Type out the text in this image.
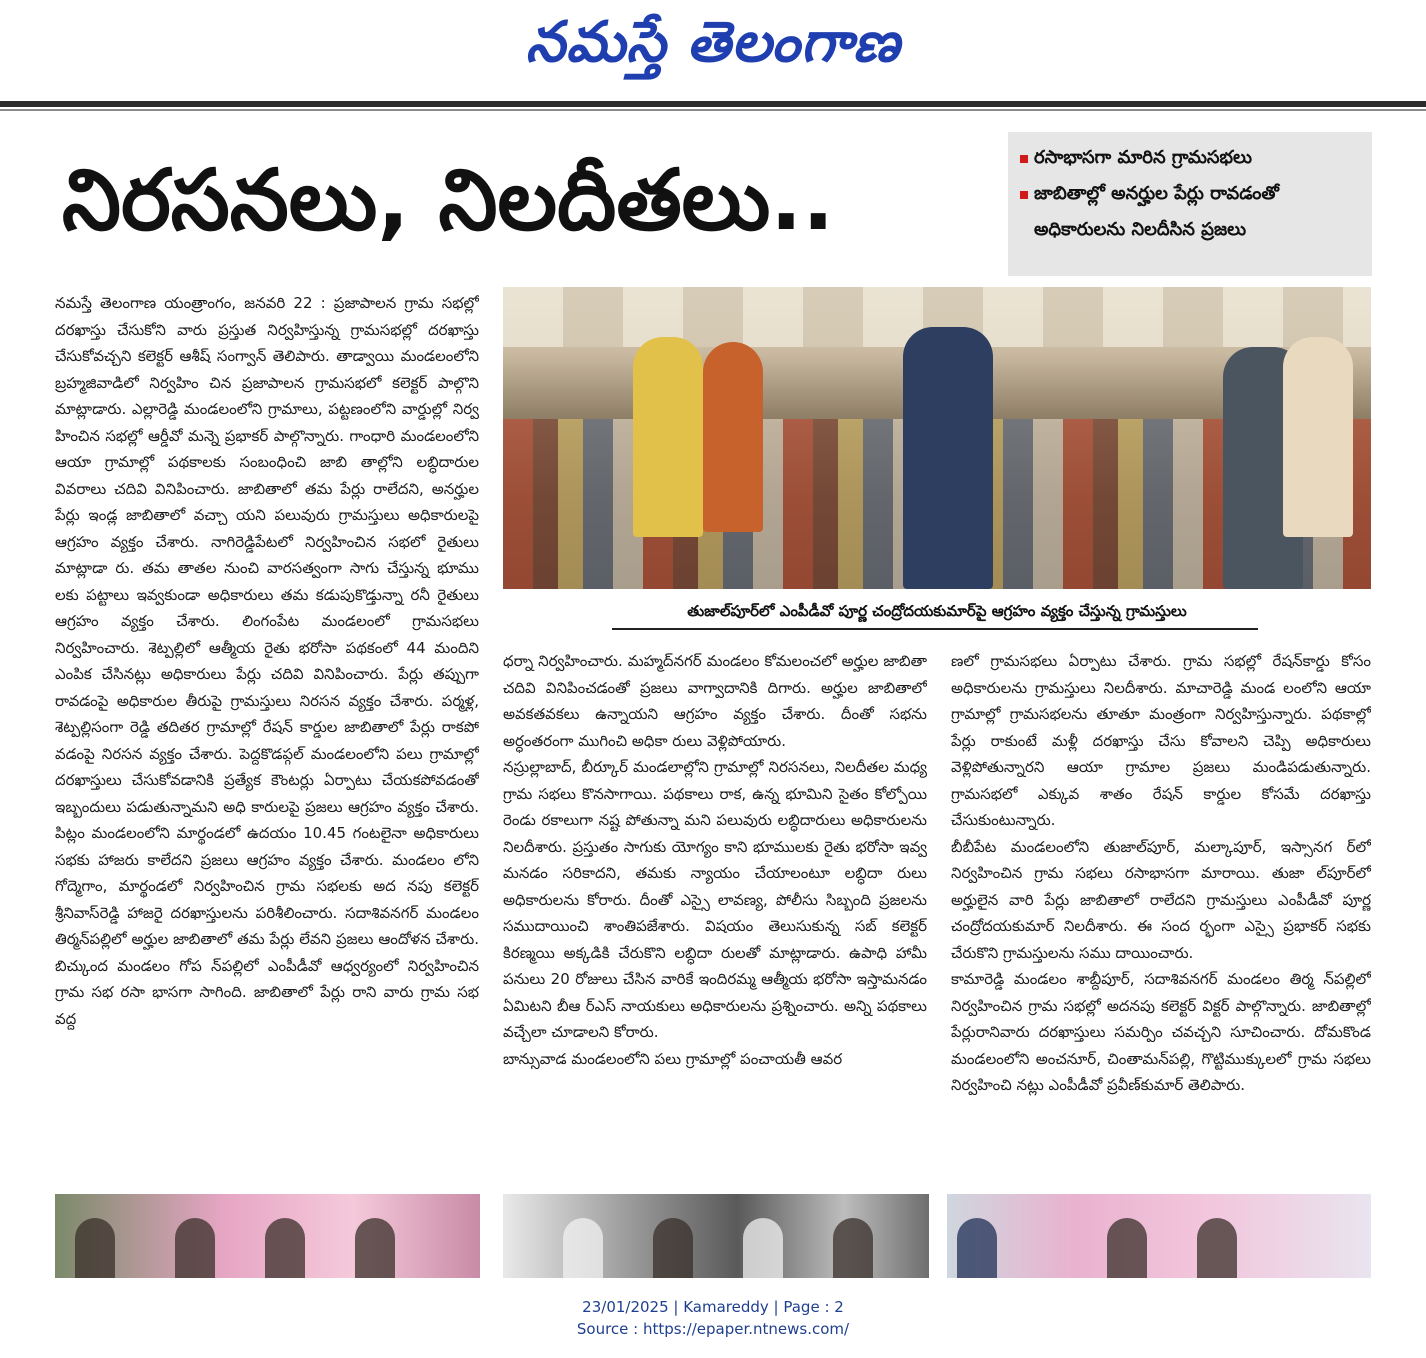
నమస్తే తెలంగాణ
నిరసనలు, నిలదీతలు..	రసాభాసగా మారిన గ్రామసభలు
జాబితాల్లో అనర్హుల పేర్లు రావడంతో అధికారులను నిలదీసిన ప్రజలు
తుజాల్‌పూర్‌లో ఎంపీడీవో పూర్ణ చంద్రోదయకుమార్‌పై ఆగ్రహం వ్యక్తం చేస్తున్న గ్రామస్తులు

నమస్తే తెలంగాణ యంత్రాంగం, జనవరి 22 : ప్రజాపాలన గ్రామ సభల్లో దరఖాస్తు చేసుకోని వారు ప్రస్తుత నిర్వహిస్తున్న గ్రామసభల్లో దరఖాస్తు చేసుకోవచ్చని కలెక్టర్ ఆశీష్ సంగ్వాన్ తెలిపారు. తాడ్వాయి మండలంలోని బ్రహ్మజివాడిలో నిర్వహిం చిన ప్రజాపాలన గ్రామసభలో కలెక్టర్ పాల్గొని మాట్లాడారు. ఎల్లారెడ్డి మండలంలోని గ్రామాలు, పట్టణంలోని వార్డుల్లో నిర్వ హించిన సభల్లో ఆర్డీవో మన్నె ప్రభాకర్ పాల్గొన్నారు. గాంధారి మండలంలోని ఆయా గ్రామాల్లో పథకాలకు సంబంధించి జాబి తాల్లోని లబ్ధిదారుల వివరాలు చదివి వినిపించారు. జాబితాలో తమ పేర్లు రాలేదని, అనర్హుల పేర్లు ఇండ్ల జాబితాలో వచ్చా యని పలువురు గ్రామస్తులు అధికారులపై ఆగ్రహం వ్యక్తం చేశారు. నాగిరెడ్డిపేటలో నిర్వహించిన సభలో రైతులు మాట్లాడా రు. తమ తాతల నుంచి వారసత్వంగా సాగు చేస్తున్న భూము లకు పట్టాలు ఇవ్వకుండా అధికారులు తమ కడుపుకొడ్తున్నా రనీ రైతులు ఆగ్రహం వ్యక్తం చేశారు. లింగంపేట మండలంలో గ్రామసభలు నిర్వహించారు. శెట్పల్లిలో ఆత్మీయ రైతు భరోసా పథకంలో 44 మందిని ఎంపిక చేసినట్లు అధికారులు పేర్లు చదివి వినిపించారు. పేర్లు తప్పుగా రావడంపై అధికారుల తీరుపై గ్రామస్తులు నిరసన వ్యక్తం చేశారు. పర్మళ్ల, శెట్పల్లిసంగా రెడ్డి తదితర గ్రామాల్లో రేషన్ కార్డుల జాబితాలో పేర్లు రాకపో వడంపై నిరసన వ్యక్తం చేశారు. పెద్దకొడప్గల్ మండలంలోని పలు గ్రామాల్లో దరఖాస్తులు చేసుకోవడానికి ప్రత్యేక కౌంటర్లు ఏర్పాటు చేయకపోవడంతో ఇబ్బందులు పడుతున్నామని అధి కారులపై ప్రజలు ఆగ్రహం వ్యక్తం చేశారు. పిట్లం మండలంలోని మార్థండలో ఉదయం 10.45 గంటలైనా అధికారులు సభకు హాజరు కాలేదని ప్రజలు ఆగ్రహం వ్యక్తం చేశారు. మండలం లోని గోద్మెగాం, మార్థండలో నిర్వహించిన గ్రామ సభలకు అద నపు కలెక్టర్ శ్రీనివాస్‌రెడ్డి హాజరై దరఖాస్తులను పరిశీలించారు. సదాశివనగర్ మండలం తిర్మన్‌పల్లిలో అర్హుల జాబితాలో తమ పేర్లు లేవని ప్రజలు ఆందోళన చేశారు. బిచ్కుంద మండలం గోప న్‌పల్లిలో ఎంపీడీవో ఆధ్వర్యంలో నిర్వహించిన గ్రామ సభ రసా భాసగా సాగింది. జాబితాలో పేర్లు రాని వారు గ్రామ సభ వద్ద

ధర్నా నిర్వహించారు. మహ్మద్‌నగర్ మండలం కోమలంచలో అర్హుల జాబితా చదివి వినిపించడంతో ప్రజలు వాగ్వాదానికి దిగారు. అర్హుల జాబితాలో అవకతవకలు ఉన్నాయని ఆగ్రహం వ్యక్తం చేశారు. దీంతో సభను అర్ధంతరంగా ముగించి అధికా రులు వెళ్లిపోయారు.

నస్రుల్లాబాద్, బీర్కూర్ మండలాల్లోని గ్రామాల్లో నిరసనలు, నిలదీతల మధ్య గ్రామ సభలు కొనసాగాయి. పథకాలు రాక, ఉన్న భూమిని సైతం కోల్పోయి రెండు రకాలుగా నష్ట పోతున్నా మని పలువురు లబ్ధిదారులు అధికారులను నిలదీశారు. ప్రస్తుతం సాగుకు యోగ్యం కాని భూములకు రైతు భరోసా ఇవ్వ మనడం సరికాదని, తమకు న్యాయం చేయాలంటూ లబ్ధిదా రులు అధికారులను కోరారు. దీంతో ఎస్సై లావణ్య, పోలీసు సిబ్బంది ప్రజలను సముదాయించి శాంతిపజేశారు. విషయం తెలుసుకున్న సబ్ కలెక్టర్ కిరణ్మయి అక్కడికి చేరుకొని లబ్ధిదా రులతో మాట్లాడారు. ఉపాధి హామీ పనులు 20 రోజులు చేసిన వారికే ఇందిరమ్మ ఆత్మీయ భరోసా ఇస్తామనడం ఏమిటని బీఆ ర్‌ఎస్ నాయకులు అధికారులను ప్రశ్నించారు. అన్ని పథకాలు వచ్చేలా చూడాలని కోరారు.

బాన్సువాడ మండలంలోని పలు గ్రామాల్లో పంచాయతీ ఆవర

ణలో గ్రామసభలు ఏర్పాటు చేశారు. గ్రామ సభల్లో రేషన్‌కార్డు కోసం అధికారులను గ్రామస్తులు నిలదీశారు. మాచారెడ్డి మండ లంలోని ఆయా గ్రామాల్లో గ్రామసభలను తూతూ మంత్రంగా నిర్వహిస్తున్నారు. పథకాల్లో పేర్లు రాకుంటే మళ్లీ దరఖాస్తు చేసు కోవాలని చెప్పి అధికారులు వెళ్లిపోతున్నారని ఆయా గ్రామాల ప్రజలు మండిపడుతున్నారు. గ్రామసభలో ఎక్కువ శాతం రేషన్ కార్డుల కోసమే దరఖాస్తు చేసుకుంటున్నారు.

బీబీపేట మండలంలోని తుజాల్‌పూర్, మల్కాపూర్, ఇస్సానగ ర్‌లో నిర్వహించిన గ్రామ సభలు రసాభాసగా మారాయి. తుజా ల్‌పూర్‌లో అర్హులైన వారి పేర్లు జాబితాలో రాలేదని గ్రామస్తులు ఎంపీడీవో పూర్ణ చంద్రోదయకుమార్ నిలదీశారు. ఈ సంద ర్భంగా ఎస్సై ప్రభాకర్ సభకు చేరుకొని గ్రామస్తులను సము దాయించారు.

కామారెడ్డి మండలం శాబ్దీపూర్, సదాశివనగర్ మండలం తిర్మ న్‌పల్లిలో నిర్వహించిన గ్రామ సభల్లో అదనపు కలెక్టర్ విక్టర్ పాల్గొన్నారు. జాబితాల్లో పేర్లురానివారు దరఖాస్తులు సమర్పిం చవచ్చని సూచించారు. దోమకొండ మండలంలోని అంచనూర్, చింతామన్‌పల్లి, గొట్టిముక్కులలో గ్రామ సభలు నిర్వహించి నట్లు ఎంపీడీవో ప్రవీణ్‌కుమార్ తెలిపారు.

23/01/2025 | Kamareddy | Page : 2
Source : https://epaper.ntnews.com/
